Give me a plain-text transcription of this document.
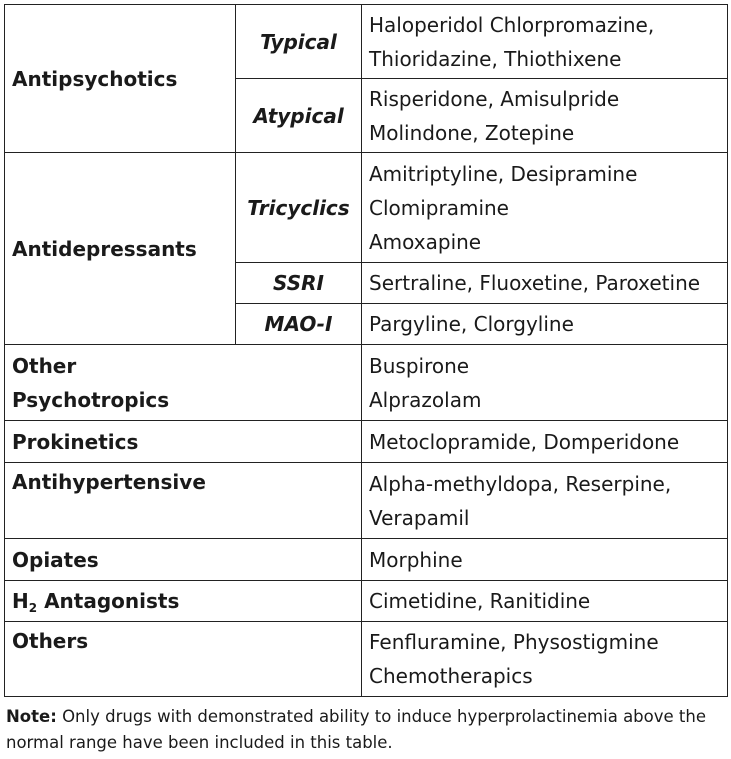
Antipsychotics	Typical	Haloperidol Chlorpromazine,
Thioridazine, Thiothixene

	Atypical	Risperidone, Amisulpride
Molindone, Zotepine

Antidepressants	Tricyclics	Amitriptyline, Desipramine
Clomipramine
Amoxapine

	SSRI	Sertraline, Fluoxetine, Paroxetine

	MAO-I	Pargyline, Clorgyline

Other
Psychotropics		Buspirone
Alprazolam

Prokinetics		Metoclopramide, Domperidone

Antihypertensive		Alpha-methyldopa, Reserpine,
Verapamil

Opiates		Morphine

$H_2$ Antagonists		Cimetidine, Ranitidine

Others		Fenfluramine, Physostigmine
Chemotherapics
Note: Only drugs with demonstrated ability to induce hyperprolactinemia above the normal range have been included in this table.
